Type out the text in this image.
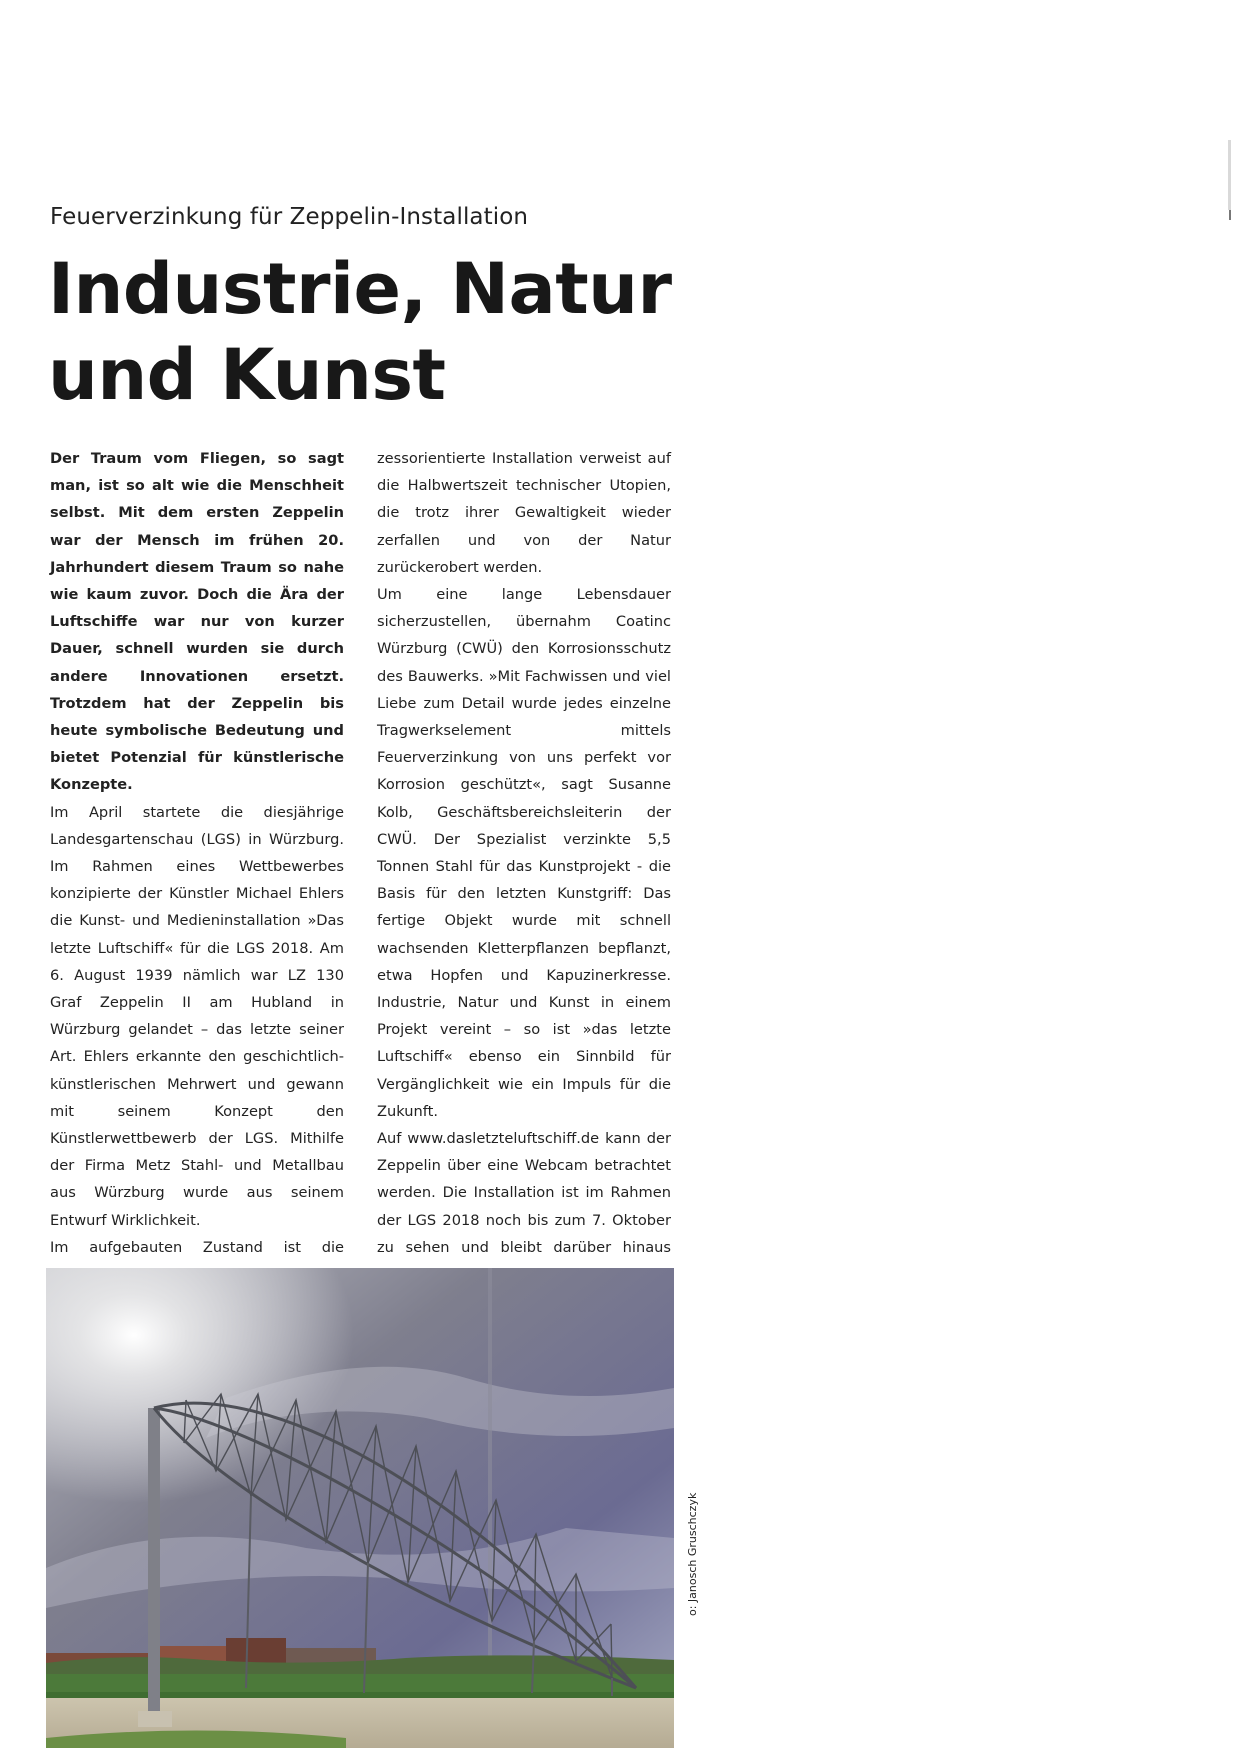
Feuerverzinkung für Zeppelin-Installation
Industrie, Natur
und Kunst

Der Traum vom Fliegen, so sagt man, ist so alt wie die Menschheit selbst. Mit dem ersten Zeppelin war der Mensch im frühen 20. Jahrhundert diesem Traum so nahe wie kaum zuvor. Doch die Ära der Luftschiffe war nur von kurzer Dauer, schnell wurden sie durch andere Innovationen ersetzt. Trotzdem hat der Zeppelin bis heute symbolische Bedeutung und bietet Potenzial für künstlerische Konzepte.

Im April startete die diesjährige Landesgartenschau (LGS) in Würzburg. Im Rahmen eines Wettbewerbes konzipierte der Künstler Michael Ehlers die Kunst- und Medieninstallation »Das letzte Luftschiff« für die LGS 2018. Am 6. August 1939 nämlich war LZ 130 Graf Zeppelin II am Hubland in Würzburg gelandet – das letzte seiner Art. Ehlers erkannte den geschichtlich-künstlerischen Mehrwert und gewann mit seinem Konzept den Künstlerwettbewerb der LGS. Mithilfe der Firma Metz Stahl- und Metallbau aus Würzburg wurde aus seinem Entwurf Wirklichkeit.

Im aufgebauten Zustand ist die

zessorientierte Installation verweist auf die Halbwertszeit technischer Utopien, die trotz ihrer Gewaltigkeit wieder zerfallen und von der Natur zurückerobert werden.

Um eine lange Lebensdauer sicherzustellen, übernahm Coatinc Würzburg (CWÜ) den Korrosionsschutz des Bauwerks. »Mit Fachwissen und viel Liebe zum Detail wurde jedes einzelne Tragwerkselement mittels Feuerverzinkung von uns perfekt vor Korrosion geschützt«, sagt Susanne Kolb, Geschäftsbereichsleiterin der CWÜ. Der Spezialist verzinkte 5,5 Tonnen Stahl für das Kunstprojekt - die Basis für den letzten Kunstgriff: Das fertige Objekt wurde mit schnell wachsenden Kletterpflanzen bepflanzt, etwa Hopfen und Kapuzinerkresse. Industrie, Natur und Kunst in einem Projekt vereint – so ist »das letzte Luftschiff« ebenso ein Sinnbild für Vergänglichkeit wie ein Impuls für die Zukunft.

Auf www.dasletzteluftschiff.de kann der Zeppelin über eine Webcam betrachtet werden. Die Installation ist im Rahmen der LGS 2018 noch bis zum 7. Oktober zu sehen und bleibt darüber hinaus

o: Janosch Gruschczyk
